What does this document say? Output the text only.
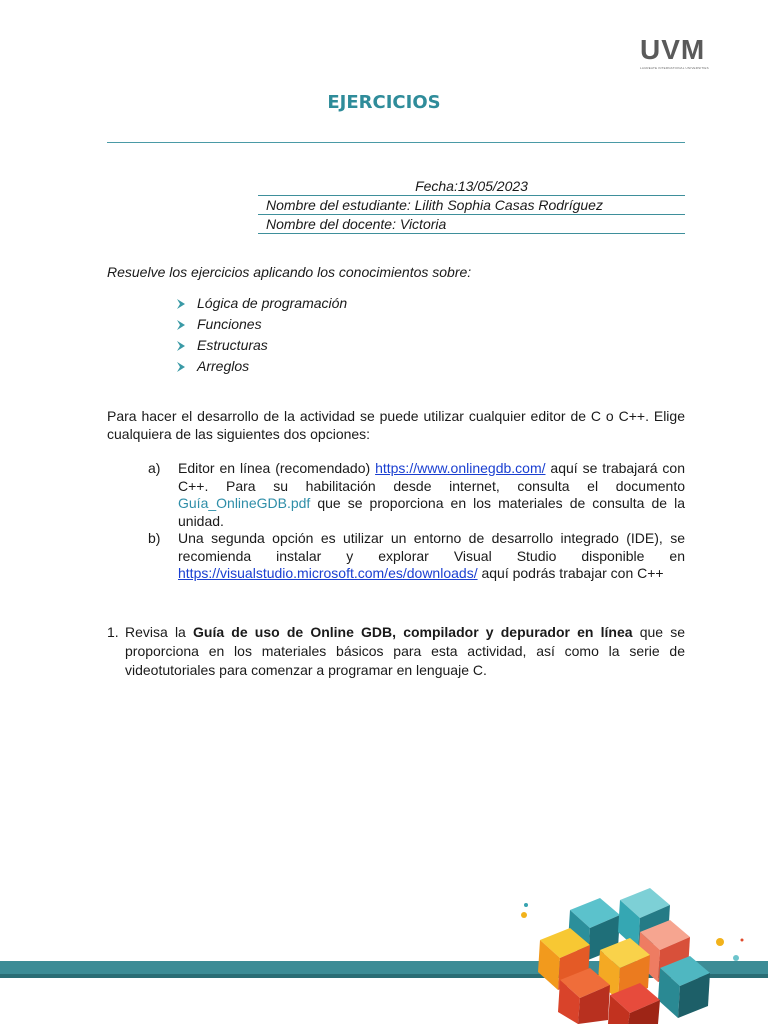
UVM
LAUREATE INTERNATIONAL UNIVERSITIES
EJERCICIOS
Fecha:13/05/2023
Nombre del estudiante: Lilith Sophia Casas Rodríguez
Nombre del docente: Victoria
Resuelve los ejercicios aplicando los conocimientos sobre:
Lógica de programación
Funciones
Estructuras
Arreglos
Para hacer el desarrollo de la actividad se puede utilizar cualquier editor de C o C++. Elige cualquiera de las siguientes dos opciones:
a)	Editor en línea (recomendado) https://www.onlinegdb.com/ aquí se trabajará con C++. Para su habilitación desde internet, consulta el documento Guía_OnlineGDB.pdf que se proporciona en los materiales de consulta de la unidad.
b)	Una segunda opción es utilizar un entorno de desarrollo integrado (IDE), se recomienda instalar y explorar Visual Studio disponible en https://visualstudio.microsoft.com/es/downloads/ aquí podrás trabajar con C++
1. Revisa la Guía de uso de Online GDB, compilador y depurador en línea que se proporciona en los materiales básicos para esta actividad, así como la serie de videotutoriales para comenzar a programar en lenguaje C.
